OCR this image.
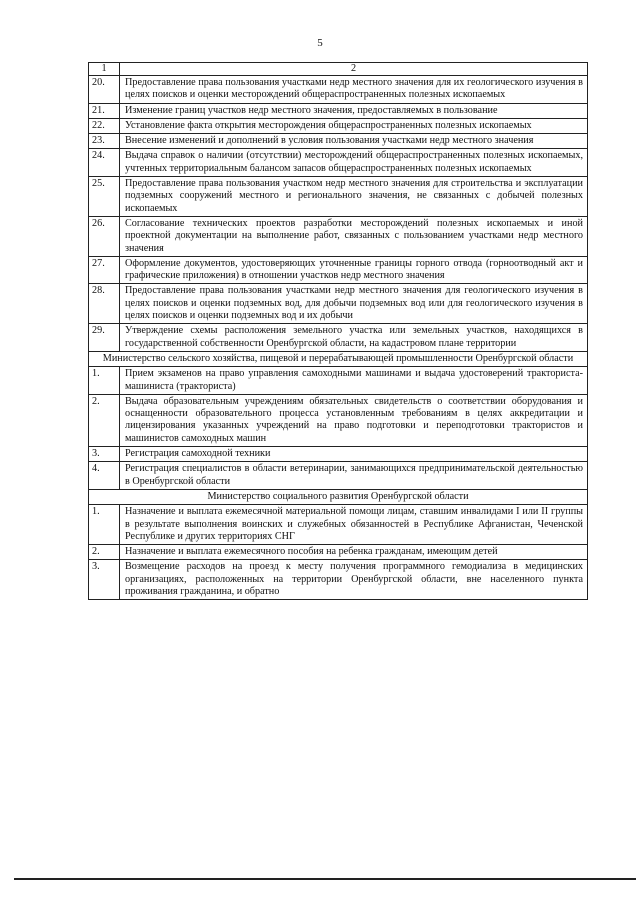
5
1	2
20.	Предоставление права пользования участками недр местного значения для их геологического изучения в целях поисков и оценки месторождений общераспространенных полезных ископаемых
21.	Изменение границ участков недр местного значения, предоставляемых в пользование
22.	Установление факта открытия месторождения общераспространенных полезных ископаемых
23.	Внесение изменений и дополнений в условия пользования участками недр местного значения
24.	Выдача справок о наличии (отсутствии) месторождений общераспространенных полезных ископаемых, учтенных территориальным балансом запасов общераспространенных полезных ископаемых
25.	Предоставление права пользования участком недр местного значения для строительства и эксплуатации подземных сооружений местного и регионального значения, не связанных с добычей полезных ископаемых
26.	Согласование технических проектов разработки месторождений полезных ископаемых и иной проектной документации на выполнение работ, связанных с пользованием участками недр местного значения
27.	Оформление документов, удостоверяющих уточненные границы горного отвода (горноотводный акт и графические приложения) в отношении участков недр местного значения
28.	Предоставление права пользования участками недр местного значения для геологического изучения в целях поисков и оценки подземных вод, для добычи подземных вод или для геологического изучения в целях поисков и оценки подземных вод и их добычи
29.	Утверждение схемы расположения земельного участка или земельных участков, находящихся в государственной собственности Оренбургской области, на кадастровом плане территории
Министерство сельского хозяйства, пищевой и перерабатывающей промышленности Оренбургской области	
1.	Прием экзаменов на право управления самоходными машинами и выдача удостоверений тракториста-машиниста (тракториста)
2.	Выдача образовательным учреждениям обязательных свидетельств о соответствии оборудования и оснащенности образовательного процесса установленным требованиям в целях аккредитации и лицензирования указанных учреждений на право подготовки и переподготовки трактористов и машинистов самоходных машин
3.	Регистрация самоходной техники
4.	Регистрация специалистов в области ветеринарии, занимающихся предпринимательской деятельностью в Оренбургской области
Министерство социального развития Оренбургской области	
1.	Назначение и выплата ежемесячной материальной помощи лицам, ставшим инвалидами I или II группы в результате выполнения воинских и служебных обязанностей в Республике Афганистан, Чеченской Республике и других территориях СНГ
2.	Назначение и выплата ежемесячного пособия на ребенка гражданам, имеющим детей
3.	Возмещение расходов на проезд к месту получения программного гемодиализа в медицинских организациях, расположенных на территории Оренбургской области, вне населенного пункта проживания гражданина, и обратно
